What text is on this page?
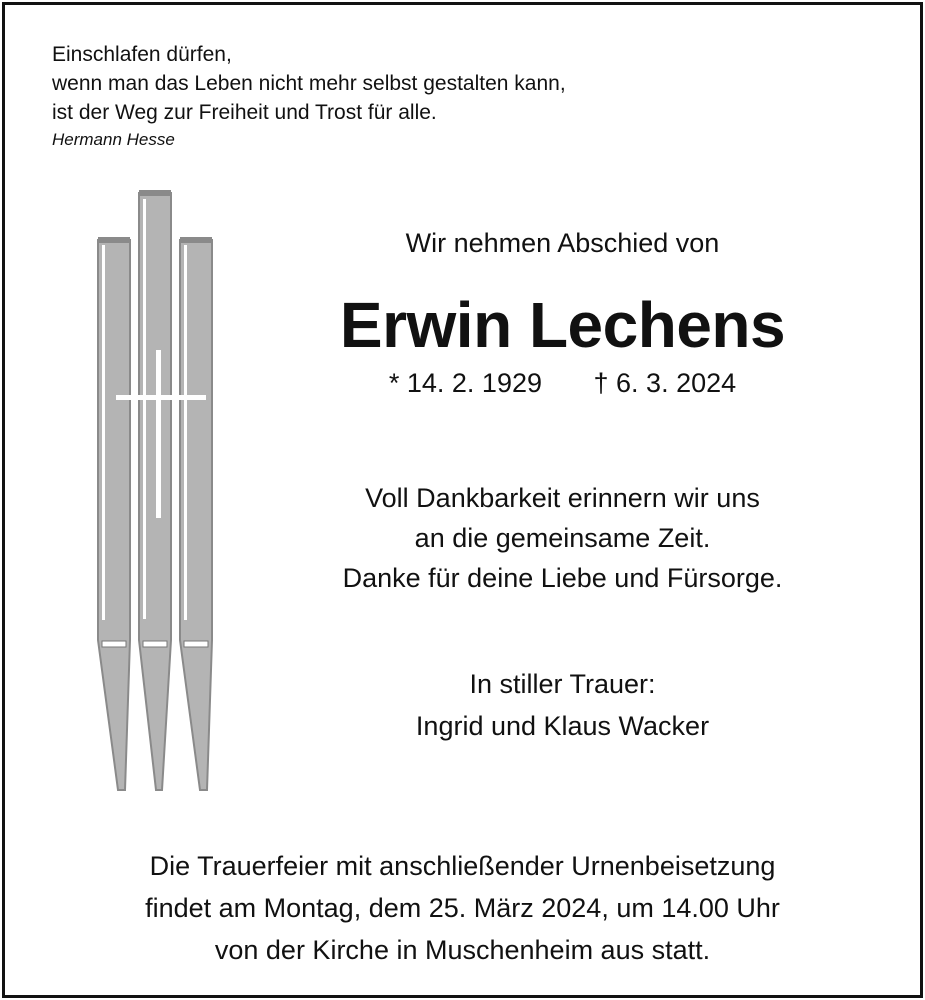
Einschlafen dürfen,
wenn man das Leben nicht mehr selbst gestalten kann,
ist der Weg zur Freiheit und Trost für alle.
Hermann Hesse
Wir nehmen Abschied von
Erwin Lechens
* 14. 2. 1929 † 6. 3. 2024
Voll Dankbarkeit erinnern wir uns
an die gemeinsame Zeit.
Danke für deine Liebe und Fürsorge.
In stiller Trauer:
Ingrid und Klaus Wacker
Die Trauerfeier mit anschließender Urnenbeisetzung
findet am Montag, dem 25. März 2024, um 14.00 Uhr
von der Kirche in Muschenheim aus statt.
